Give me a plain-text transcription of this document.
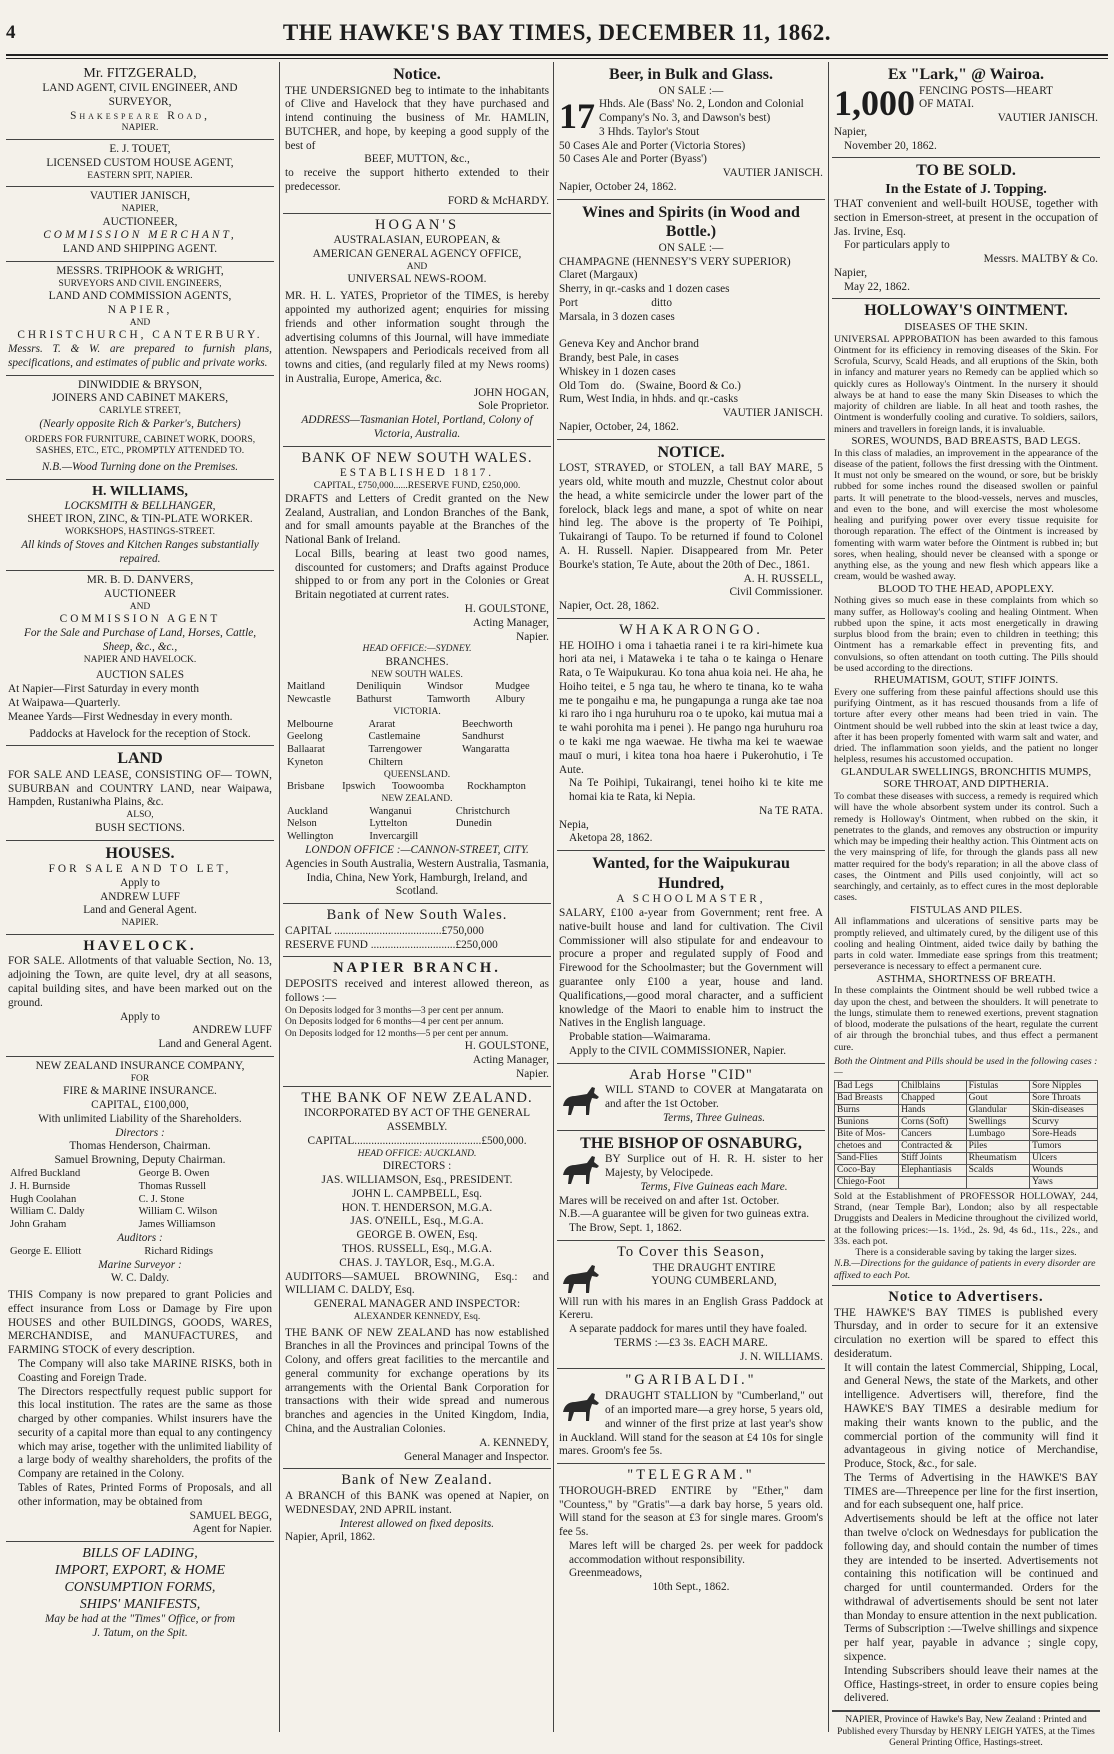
4	THE HAWKE'S BAY TIMES, DECEMBER 11, 1862.
Mr. FITZGERALD,
LAND AGENT, CIVIL ENGINEER, AND
SURVEYOR,
Shakespeare Road,
NAPIER.
E. J. TOUET,
LICENSED CUSTOM HOUSE AGENT,
EASTERN SPIT, NAPIER.
VAUTIER JANISCH,
NAPIER,
AUCTIONEER,
COMMISSION MERCHANT,
LAND AND SHIPPING AGENT.
MESSRS. TRIPHOOK & WRIGHT,
SURVEYORS AND CIVIL ENGINEERS,
LAND AND COMMISSION AGENTS,
NAPIER,
AND
CHRISTCHURCH, CANTERBURY.
Messrs. T. & W. are prepared to furnish plans, specifications, and estimates of public and private works.
DINWIDDIE & BRYSON,
JOINERS AND CABINET MAKERS,
CARLYLE STREET,
(Nearly opposite Rich & Parker's, Butchers)
ORDERS FOR FURNITURE, CABINET WORK, DOORS, SASHES, ETC., ETC., PROMPTLY ATTENDED TO.
N.B.—Wood Turning done on the Premises.
H. WILLIAMS,
LOCKSMITH & BELLHANGER,
SHEET IRON, ZINC, & TIN-PLATE WORKER.
WORKSHOPS, HASTINGS-STREET.
All kinds of Stoves and Kitchen Ranges substantially repaired.
MR. B. D. DANVERS,
AUCTIONEER
AND
COMMISSION AGENT
For the Sale and Purchase of Land, Horses, Cattle, Sheep, &c., &c.,
NAPIER AND HAVELOCK.
AUCTION SALES
At Napier—First Saturday in every month
At Waipawa—Quarterly.
Meanee Yards—First Wednesday in every month.
Paddocks at Havelock for the reception of Stock.
LAND
FOR SALE AND LEASE, CONSISTING OF— TOWN, SUBURBAN and COUNTRY LAND, near Waipawa, Hampden, Rustaniwha Plains, &c.
ALSO,
BUSH SECTIONS.
HOUSES.
FOR SALE AND TO LET,
Apply to
ANDREW LUFF
Land and General Agent.
NAPIER.
HAVELOCK.
FOR SALE. Allotments of that valuable Section, No. 13, adjoining the Town, are quite level, dry at all seasons, capital building sites, and have been marked out on the ground.
Apply to
ANDREW LUFF
Land and General Agent.
NEW ZEALAND INSURANCE COMPANY,
FOR
FIRE & MARINE INSURANCE.
CAPITAL, £100,000,
With unlimited Liability of the Shareholders.
Directors :
Thomas Henderson, Chairman.
Samuel Browning, Deputy Chairman.
Alfred Buckland	George B. Owen
J. H. Burnside	Thomas Russell
Hugh Coolahan	C. J. Stone
William C. Daldy	William C. Wilson
John Graham	James Williamson
Auditors :
George E. Elliott	Richard Ridings
Marine Surveyor :
W. C. Daldy.
THIS Company is now prepared to grant Policies and effect insurance from Loss or Damage by Fire upon HOUSES and other BUILDINGS, GOODS, WARES, MERCHANDISE, and MANUFACTURES, and FARMING STOCK of every description.
The Company will also take MARINE RISKS, both in Coasting and Foreign Trade.
The Directors respectfully request public support for this local institution. The rates are the same as those charged by other companies. Whilst insurers have the security of a capital more than equal to any contingency which may arise, together with the unlimited liability of a large body of wealthy shareholders, the profits of the Company are retained in the Colony.
Tables of Rates, Printed Forms of Proposals, and all other information, may be obtained from
SAMUEL BEGG,
Agent for Napier.
BILLS OF LADING,
IMPORT, EXPORT, & HOME
CONSUMPTION FORMS,
SHIPS' MANIFESTS,
May be had at the "Times" Office, or from
J. Tatum, on the Spit.
Notice.
THE UNDERSIGNED beg to intimate to the inhabitants of Clive and Havelock that they have purchased and intend continuing the business of Mr. HAMLIN, BUTCHER, and hope, by keeping a good supply of the best of
BEEF, MUTTON, &c.,
to receive the support hitherto extended to their predecessor.
FORD & McHARDY.
HOGAN'S
AUSTRALASIAN, EUROPEAN, &
AMERICAN GENERAL AGENCY OFFICE,
AND
UNIVERSAL NEWS-ROOM.
MR. H. L. YATES, Proprietor of the TIMES, is hereby appointed my authorized agent; enquiries for missing friends and other information sought through the advertising columns of this Journal, will have immediate attention. Newspapers and Periodicals received from all towns and cities, (and regularly filed at my News rooms) in Australia, Europe, America, &c.
JOHN HOGAN,
Sole Proprietor.
ADDRESS—Tasmanian Hotel, Portland, Colony of Victoria, Australia.
BANK OF NEW SOUTH WALES.
ESTABLISHED 1817.
CAPITAL, £750,000......RESERVE FUND, £250,000.
DRAFTS and Letters of Credit granted on the New Zealand, Australian, and London Branches of the Bank, and for small amounts payable at the Branches of the National Bank of Ireland.
Local Bills, bearing at least two good names, discounted for customers; and Drafts against Produce shipped to or from any port in the Colonies or Great Britain negotiated at current rates.
H. GOULSTONE,
Acting Manager,
Napier.
HEAD OFFICE:—SYDNEY.
BRANCHES.
NEW SOUTH WALES.
Maitland	Deniliquin	Windsor	Mudgee
Newcastle	Bathurst	Tamworth	Albury
VICTORIA.
Melbourne	Ararat	Beechworth
Geelong	Castlemaine	Sandhurst
Ballaarat	Tarrengower	Wangaratta
Kyneton	Chiltern	
QUEENSLAND.
Brisbane	Ipswich	Toowoomba	Rockhampton
NEW ZEALAND.
Auckland	Wanganui	Christchurch
Nelson	Lyttelton	Dunedin
Wellington	Invercargill	
LONDON OFFICE :—CANNON-STREET, CITY.
Agencies in South Australia, Western Australia, Tasmania, India, China, New York, Hamburgh, Ireland, and Scotland.
Bank of New South Wales.
CAPITAL ......................................£750,000
RESERVE FUND ..............................£250,000
NAPIER BRANCH.
DEPOSITS received and interest allowed thereon, as follows :—
On Deposits lodged for 3 months—3 per cent per annum.
On Deposits lodged for 6 months—4 per cent per annum.
On Deposits lodged for 12 months—5 per cent per annum.
H. GOULSTONE,
Acting Manager,
Napier.
THE BANK OF NEW ZEALAND.
INCORPORATED BY ACT OF THE GENERAL ASSEMBLY.
CAPITAL.............................................£500,000.
HEAD OFFICE: AUCKLAND.
DIRECTORS :
JAS. WILLIAMSON, Esq., PRESIDENT.
JOHN L. CAMPBELL, Esq.
HON. T. HENDERSON, M.G.A.
JAS. O'NEILL, Esq., M.G.A.
GEORGE B. OWEN, Esq.
THOS. RUSSELL, Esq., M.G.A.
CHAS. J. TAYLOR, Esq., M.G.A.
AUDITORS—SAMUEL BROWNING, Esq.: and WILLIAM C. DALDY, Esq.
GENERAL MANAGER AND INSPECTOR:
ALEXANDER KENNEDY, Esq.
THE BANK OF NEW ZEALAND has now established Branches in all the Provinces and principal Towns of the Colony, and offers great facilities to the mercantile and general community for exchange operations by its arrangements with the Oriental Bank Corporation for transactions with their wide spread and numerous branches and agencies in the United Kingdom, India, China, and the Australian Colonies.
A. KENNEDY,
General Manager and Inspector.
Bank of New Zealand.
A BRANCH of this BANK was opened at Napier, on WEDNESDAY, 2ND APRIL instant.
Interest allowed on fixed deposits.
Napier, April, 1862.
Beer, in Bulk and Glass.
ON SALE :—
17 Hhds. Ale (Bass' No. 2, London and Colonial Company's No. 3, and Dawson's best)
3 Hhds. Taylor's Stout
50 Cases Ale and Porter (Victoria Stores)
50 Cases Ale and Porter (Byass')
VAUTIER JANISCH.
Napier, October 24, 1862.
Wines and Spirits (in Wood and Bottle.)
ON SALE :—
CHAMPAGNE (HENNESY'S VERY SUPERIOR)
Claret (Margaux)
Sherry, in qr.-casks and 1 dozen cases
Port                          ditto
Marsala, in 3 dozen cases

Geneva Key and Anchor brand
Brandy, best Pale, in cases
Whiskey in 1 dozen cases
Old Tom    do.    (Swaine, Boord & Co.)
Rum, West India, in hhds. and qr.-casks
VAUTIER JANISCH.
Napier, October, 24, 1862.
NOTICE.
LOST, STRAYED, or STOLEN, a tall BAY MARE, 5 years old, white mouth and muzzle, Chestnut color about the head, a white semicircle under the lower part of the forelock, black legs and mane, a spot of white on near hind leg. The above is the property of Te Poihipi, Tukairangi of Taupo. To be returned if found to Colonel A. H. Russell. Napier. Disappeared from Mr. Peter Bourke's station, Te Aute, about the 20th of Dec., 1861.
A. H. RUSSELL,
Civil Commissioner.
Napier, Oct. 28, 1862.
WHAKARONGO.
HE HOIHO i oma i tahaetia ranei i te ra kiri-himete kua hori ata nei, i Mataweka i te taha o te kainga o Henare Rata, o Te Waipukurau. Ko tona ahua koia nei. He aha, he Hoiho teitei, e 5 nga tau, he whero te tinana, ko te waha me te pongaihu e ma, he pungapunga a runga ake tae noa ki raro iho i nga huruhuru roa o te upoko, kai mutua mai a te wahi porohita ma i penei ). He pango nga huruhuru roa o te kaki me nga waewae. He tiwha ma kei te waewae mauī o muri, i kitea tona hoa haere i Pukerohutio, i Te Aute.
Na Te Poihipi, Tukairangi, tenei hoiho ki te kite me homai kia te Rata, ki Nepia.
Na TE RATA.
Nepia,
Aketopa 28, 1862.
Wanted, for the Waipukurau Hundred,
A SCHOOLMASTER,
SALARY, £100 a-year from Government; rent free. A native-built house and land for cultivation. The Civil Commissioner will also stipulate for and endeavour to procure a proper and regulated supply of Food and Firewood for the Schoolmaster; but the Government will guarantee only £100 a year, house and land. Qualifications,—good moral character, and a sufficient knowledge of the Maori to enable him to instruct the Natives in the English language.
Probable station—Waimarama.
Apply to the CIVIL COMMISSIONER, Napier.
Arab Horse "CID"
WILL STAND to COVER at Mangatarata on and after the 1st October.
Terms, Three Guineas.
THE BISHOP OF OSNABURG,
BY Surplice out of H. R. H. sister to her Majesty, by Velocipede.
Terms, Five Guineas each Mare.
Mares will be received on and after 1st. October.
N.B.—A guarantee will be given for two guineas extra.
The Brow, Sept. 1, 1862.
To Cover this Season,
THE DRAUGHT ENTIRE
YOUNG CUMBERLAND,
Will run with his mares in an English Grass Paddock at Kereru.
A separate paddock for mares until they have foaled.
TERMS :—£3 3s. EACH MARE.
J. N. WILLIAMS.
"GARIBALDI."
DRAUGHT STALLION by "Cumberland," out of an imported mare—a grey horse, 5 years old, and winner of the first prize at last year's show in Auckland. Will stand for the season at £4 10s for single mares. Groom's fee 5s.
"TELEGRAM."
THOROUGH-BRED ENTIRE by "Ether," dam "Countess," by "Gratis"—a dark bay horse, 5 years old. Will stand for the season at £3 for single mares. Groom's fee 5s.
Mares left will be charged 2s. per week for paddock accommodation without responsibility.
Greenmeadows,
10th Sept., 1862.
Ex "Lark," @ Wairoa.
1,000 FENCING POSTS—HEART
OF MATAI.
VAUTIER JANISCH.
Napier,
November 20, 1862.
TO BE SOLD.
In the Estate of J. Topping.
THAT convenient and well-built HOUSE, together with section in Emerson-street, at present in the occupation of Jas. Irvine, Esq.
For particulars apply to
Messrs. MALTBY & Co.
Napier,
May 22, 1862.
HOLLOWAY'S OINTMENT.
DISEASES OF THE SKIN.
UNIVERSAL APPROBATION has been awarded to this famous Ointment for its efficiency in removing diseases of the Skin. For Scrofula, Scurvy, Scald Heads, and all eruptions of the Skin, both in infancy and maturer years no Remedy can be applied which so quickly cures as Holloway's Ointment. In the nursery it should always be at hand to ease the many Skin Diseases to which the majority of children are liable. In all heat and tooth rashes, the Ointment is wonderfully cooling and curative. To soldiers, sailors, miners and travellers in foreign lands, it is invaluable.
SORES, WOUNDS, BAD BREASTS, BAD LEGS.
In this class of maladies, an improvement in the appearance of the disease of the patient, follows the first dressing with the Ointment. It must not only be smeared on the wound, or sore, but be briskly rubbed for some inches round the diseased swollen or painful parts. It will penetrate to the blood-vessels, nerves and muscles, and even to the bone, and will exercise the most wholesome healing and purifying power over every tissue requisite for thorough reparation. The effect of the Ointment is increased by fomenting with warm water before the Ointment is rubbed in; but sores, when healing, should never be cleansed with a sponge or anything else, as the young and new flesh which appears like a cream, would be washed away.
BLOOD TO THE HEAD, APOPLEXY.
Nothing gives so much ease in these complaints from which so many suffer, as Holloway's cooling and healing Ointment. When rubbed upon the spine, it acts most energetically in drawing surplus blood from the brain; even to children in teething; this Ointment has a remarkable effect in preventing fits, and convulsions, so often attendant on tooth cutting. The Pills should be used according to the directions.
RHEUMATISM, GOUT, STIFF JOINTS.
Every one suffering from these painful affections should use this purifying Ointment, as it has rescued thousands from a life of torture after every other means had been tried in vain. The Ointment should be well rubbed into the skin at least twice a day, after it has been properly fomented with warm salt and water, and dried. The inflammation soon yields, and the patient no longer helpless, resumes his accustomed occupation.
GLANDULAR SWELLINGS, BRONCHITIS MUMPS, SORE THROAT, AND DIPTHERIA.
To combat these diseases with success, a remedy is required which will have the whole absorbent system under its control. Such a remedy is Holloway's Ointment, when rubbed on the skin, it penetrates to the glands, and removes any obstruction or impurity which may be impeding their healthy action. This Ointment acts on the very mainspring of life, for through the glands pass all new matter required for the body's reparation; in all the above class of cases, the Ointment and Pills used conjointly, will act so searchingly, and certainly, as to effect cures in the most deplorable cases.
FISTULAS AND PILES.
All inflammations and ulcerations of sensitive parts may be promptly relieved, and ultimately cured, by the diligent use of this cooling and healing Ointment, aided twice daily by bathing the parts in cold water. Immediate ease springs from this treatment; perseverance is necessary to effect a permanent cure.
ASTHMA, SHORTNESS OF BREATH.
In these complaints the Ointment should be well rubbed twice a day upon the chest, and between the shoulders. It will penetrate to the lungs, stimulate them to renewed exertions, prevent stagnation of blood, moderate the pulsations of the heart, regulate the current of air through the bronchial tubes, and thus effect a permanent cure.
Both the Ointment and Pills should be used in the following cases :—
Bad Legs	Chilblains	Fistulas	Sore Nipples
Bad Breasts	Chapped	Gout	Sore Throats
Burns	Hands	Glandular	Skin-diseases
Bunions	Corns (Soft)	Swellings	Scurvy
Bite of Mos-	Cancers	Lumbago	Sore-Heads
chetoes and	Contracted &	Piles	Tumors
Sand-Flies	Stiff Joints	Rheumatism	Ulcers
Coco-Bay	Elephantiasis	Scalds	Wounds
Chiego-Foot			Yaws
Sold at the Establishment of PROFESSOR HOLLOWAY, 244, Strand, (near Temple Bar), London; also by all respectable Druggists and Dealers in Medicine throughout the civilized world, at the following prices:—1s. 1½d., 2s. 9d, 4s 6d., 11s., 22s., and 33s. each pot.
There is a considerable saving by taking the larger sizes.
N.B.—Directions for the guidance of patients in every disorder are affixed to each Pot.
Notice to Advertisers.
THE HAWKE'S BAY TIMES is published every Thursday, and in order to secure for it an extensive circulation no exertion will be spared to effect this desideratum.
It will contain the latest Commercial, Shipping, Local, and General News, the state of the Markets, and other intelligence. Advertisers will, therefore, find the HAWKE'S BAY TIMES a desirable medium for making their wants known to the public, and the commercial portion of the community will find it advantageous in giving notice of Merchandise, Produce, Stock, &c., for sale.
The Terms of Advertising in the HAWKE'S BAY TIMES are—Threepence per line for the first insertion, and for each subsequent one, half price.
Advertisements should be left at the office not later than twelve o'clock on Wednesdays for publication the following day, and should contain the number of times they are intended to be inserted. Advertisements not containing this notification will be continued and charged for until countermanded. Orders for the withdrawal of advertisements should be sent not later than Monday to ensure attention in the next publication.
Terms of Subscription :—Twelve shillings and sixpence per half year, payable in advance ; single copy, sixpence.
Intending Subscribers should leave their names at the Office, Hastings-street, in order to ensure copies being delivered.
NAPIER, Province of Hawke's Bay, New Zealand : Printed and Published every Thursday by HENRY LEIGH YATES, at the Times General Printing Office, Hastings-street.
